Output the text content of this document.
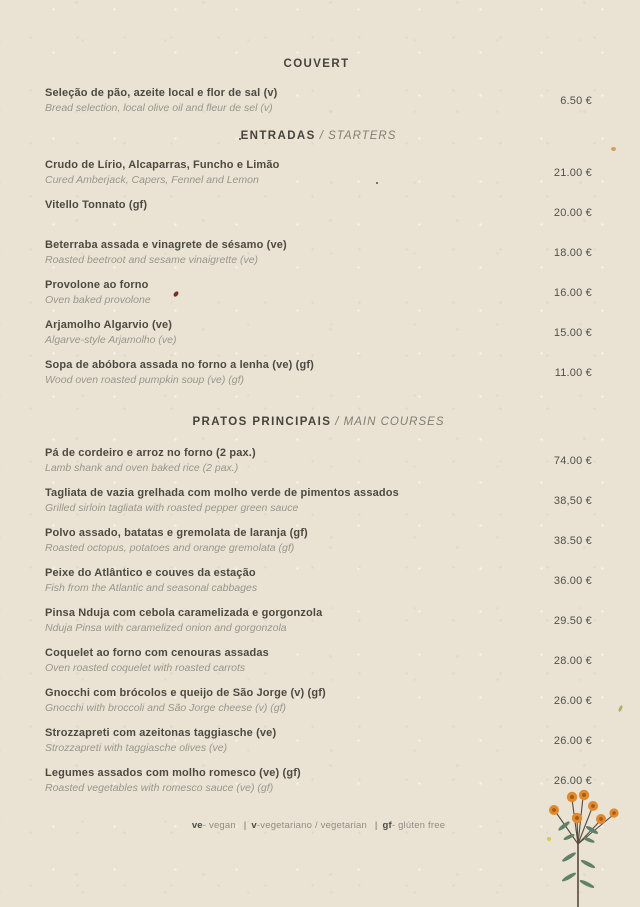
COUVERT
Seleção de pão, azeite local e flor de sal (v)
Bread selection, local olive oil and fleur de sel (v)
6.50 €
ENTRADAS / STARTERS
Crudo de Lírio, Alcaparras, Funcho e Limão
Cured Amberjack, Capers, Fennel and Lemon
21.00 €
Vitello Tonnato (gf)
20.00 €
Beterraba assada e vinagrete de sésamo (ve)
Roasted beetroot and sesame vinaigrette (ve)
18.00 €
Provolone ao forno
Oven baked provolone
16.00 €
Arjamolho Algarvio (ve)
Algarve-style Arjamolho (ve)
15.00 €
Sopa de abóbora assada no forno a lenha (ve) (gf)
Wood oven roasted pumpkin soup (ve) (gf)
11.00 €
PRATOS PRINCIPAIS / MAIN COURSES
Pá de cordeiro e arroz no forno (2 pax.)
Lamb shank and oven baked rice (2 pax.)
74.00 €
Tagliata de vazia grelhada com molho verde de pimentos assados
Grilled sirloin tagliata with roasted pepper green sauce
38,50 €
Polvo assado, batatas e gremolata de laranja (gf)
Roasted octopus, potatoes and orange gremolata (gf)
38.50 €
Peixe do Atlântico e couves da estação
Fish from the Atlantic and seasonal cabbages
36.00 €
Pinsa Nduja com cebola caramelizada e gorgonzola
Nduja Pinsa with caramelized onion and gorgonzola
29.50 €
Coquelet ao forno com cenouras assadas
Oven roasted coquelet with roasted carrots
28.00 €
Gnocchi com brócolos e queijo de São Jorge (v) (gf)
Gnocchi with broccoli and São Jorge cheese (v) (gf)
26.00 €
Strozzapreti com azeitonas taggiasche (ve)
Strozzapreti with taggiasche olives (ve)
26.00 €
Legumes assados com molho romesco (ve) (gf)
Roasted vegetables with romesco sauce (ve) (gf)
26.00 €
ve- vegan | v-vegetariano / vegetarian | gf- glúten free
